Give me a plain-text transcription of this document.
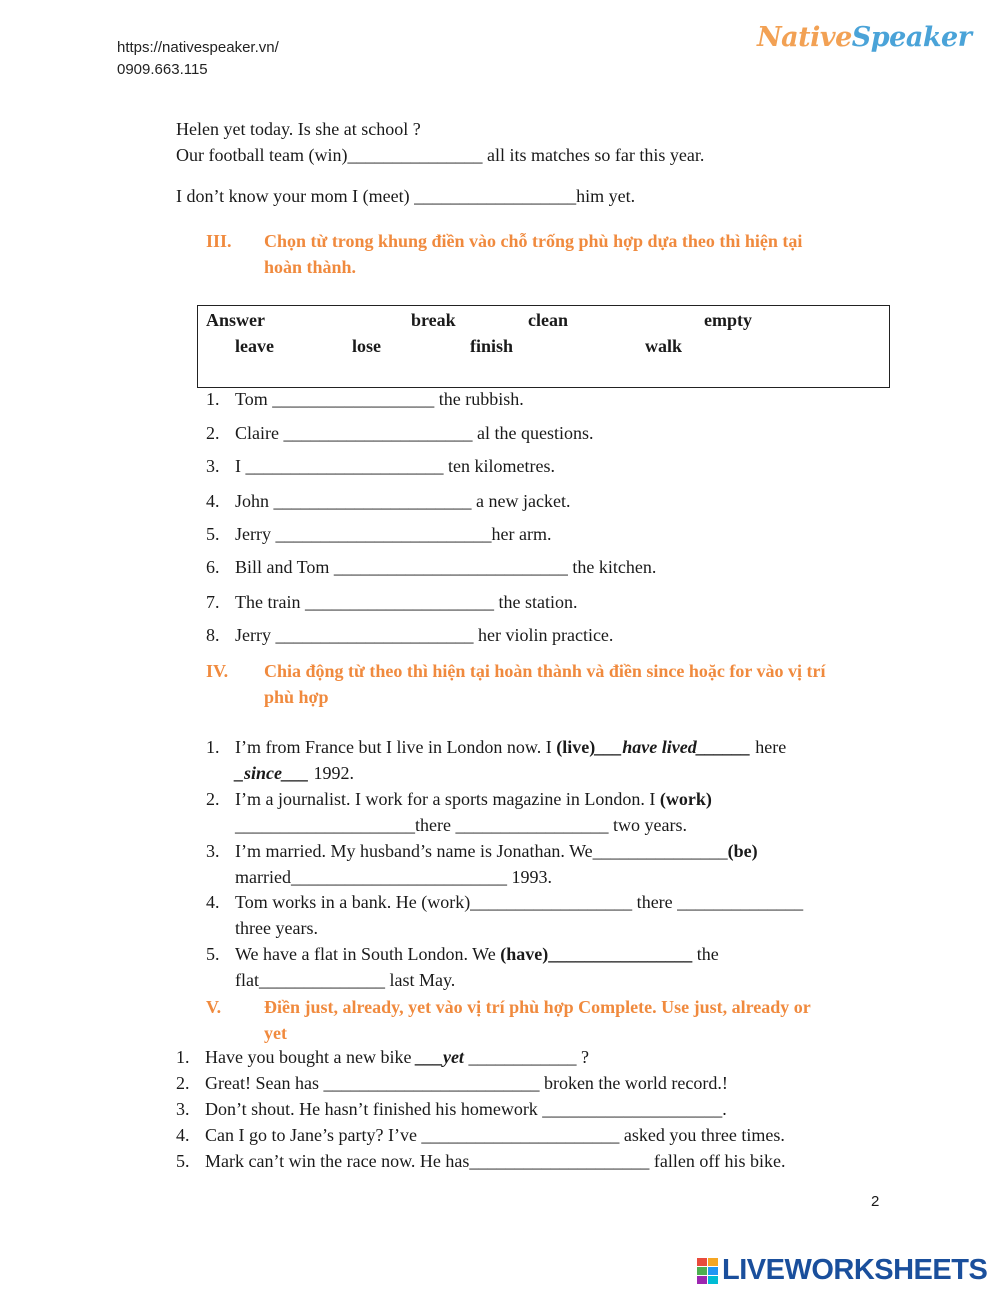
https://nativespeaker.vn/
0909.663.115
NativeSpeaker
Helen yet today. Is she at school ?
Our football team (win)_______________ all its matches so far this year.
I don’t know your mom I (meet) __________________him yet.
III. Chọn từ trong khung điền vào chỗ trống phù hợp dựa theo thì hiện tại
hoàn thành.
Answer	break	clean	empty
leave	lose	finish	walk
1. Tom __________________ the rubbish.
2. Claire _____________________ al the questions.
3. I ______________________ ten kilometres.
4. John ______________________ a new jacket.
5. Jerry ________________________her arm.
6. Bill and Tom __________________________ the kitchen.
7. The train _____________________ the station.
8. Jerry ______________________ her violin practice.
IV. Chia động từ theo thì hiện tại hoàn thành và điền since hoặc for vào vị trí
phù hợp
1. I’m from France but I live in London now. I (live)___have lived______ here
_since___ 1992.
2. I’m a journalist. I work for a sports magazine in London. I (work)
____________________there _________________ two years.
3. I’m married. My husband’s name is Jonathan. We_______________(be)
married________________________ 1993.
4. Tom works in a bank. He (work)__________________ there ______________
three years.
5. We have a flat in South London. We (have)________________ the
flat______________ last May.
V. Điền just, already, yet vào vị trí phù hợp Complete. Use just, already or
yet
1. Have you bought a new bike ___yet ____________ ?
2. Great! Sean has ________________________ broken the world record.!
3. Don’t shout. He hasn’t finished his homework ____________________.
4. Can I go to Jane’s party? I’ve ______________________ asked you three times.
5. Mark can’t win the race now. He has____________________ fallen off his bike.
2
LIVEWORKSHEETS
